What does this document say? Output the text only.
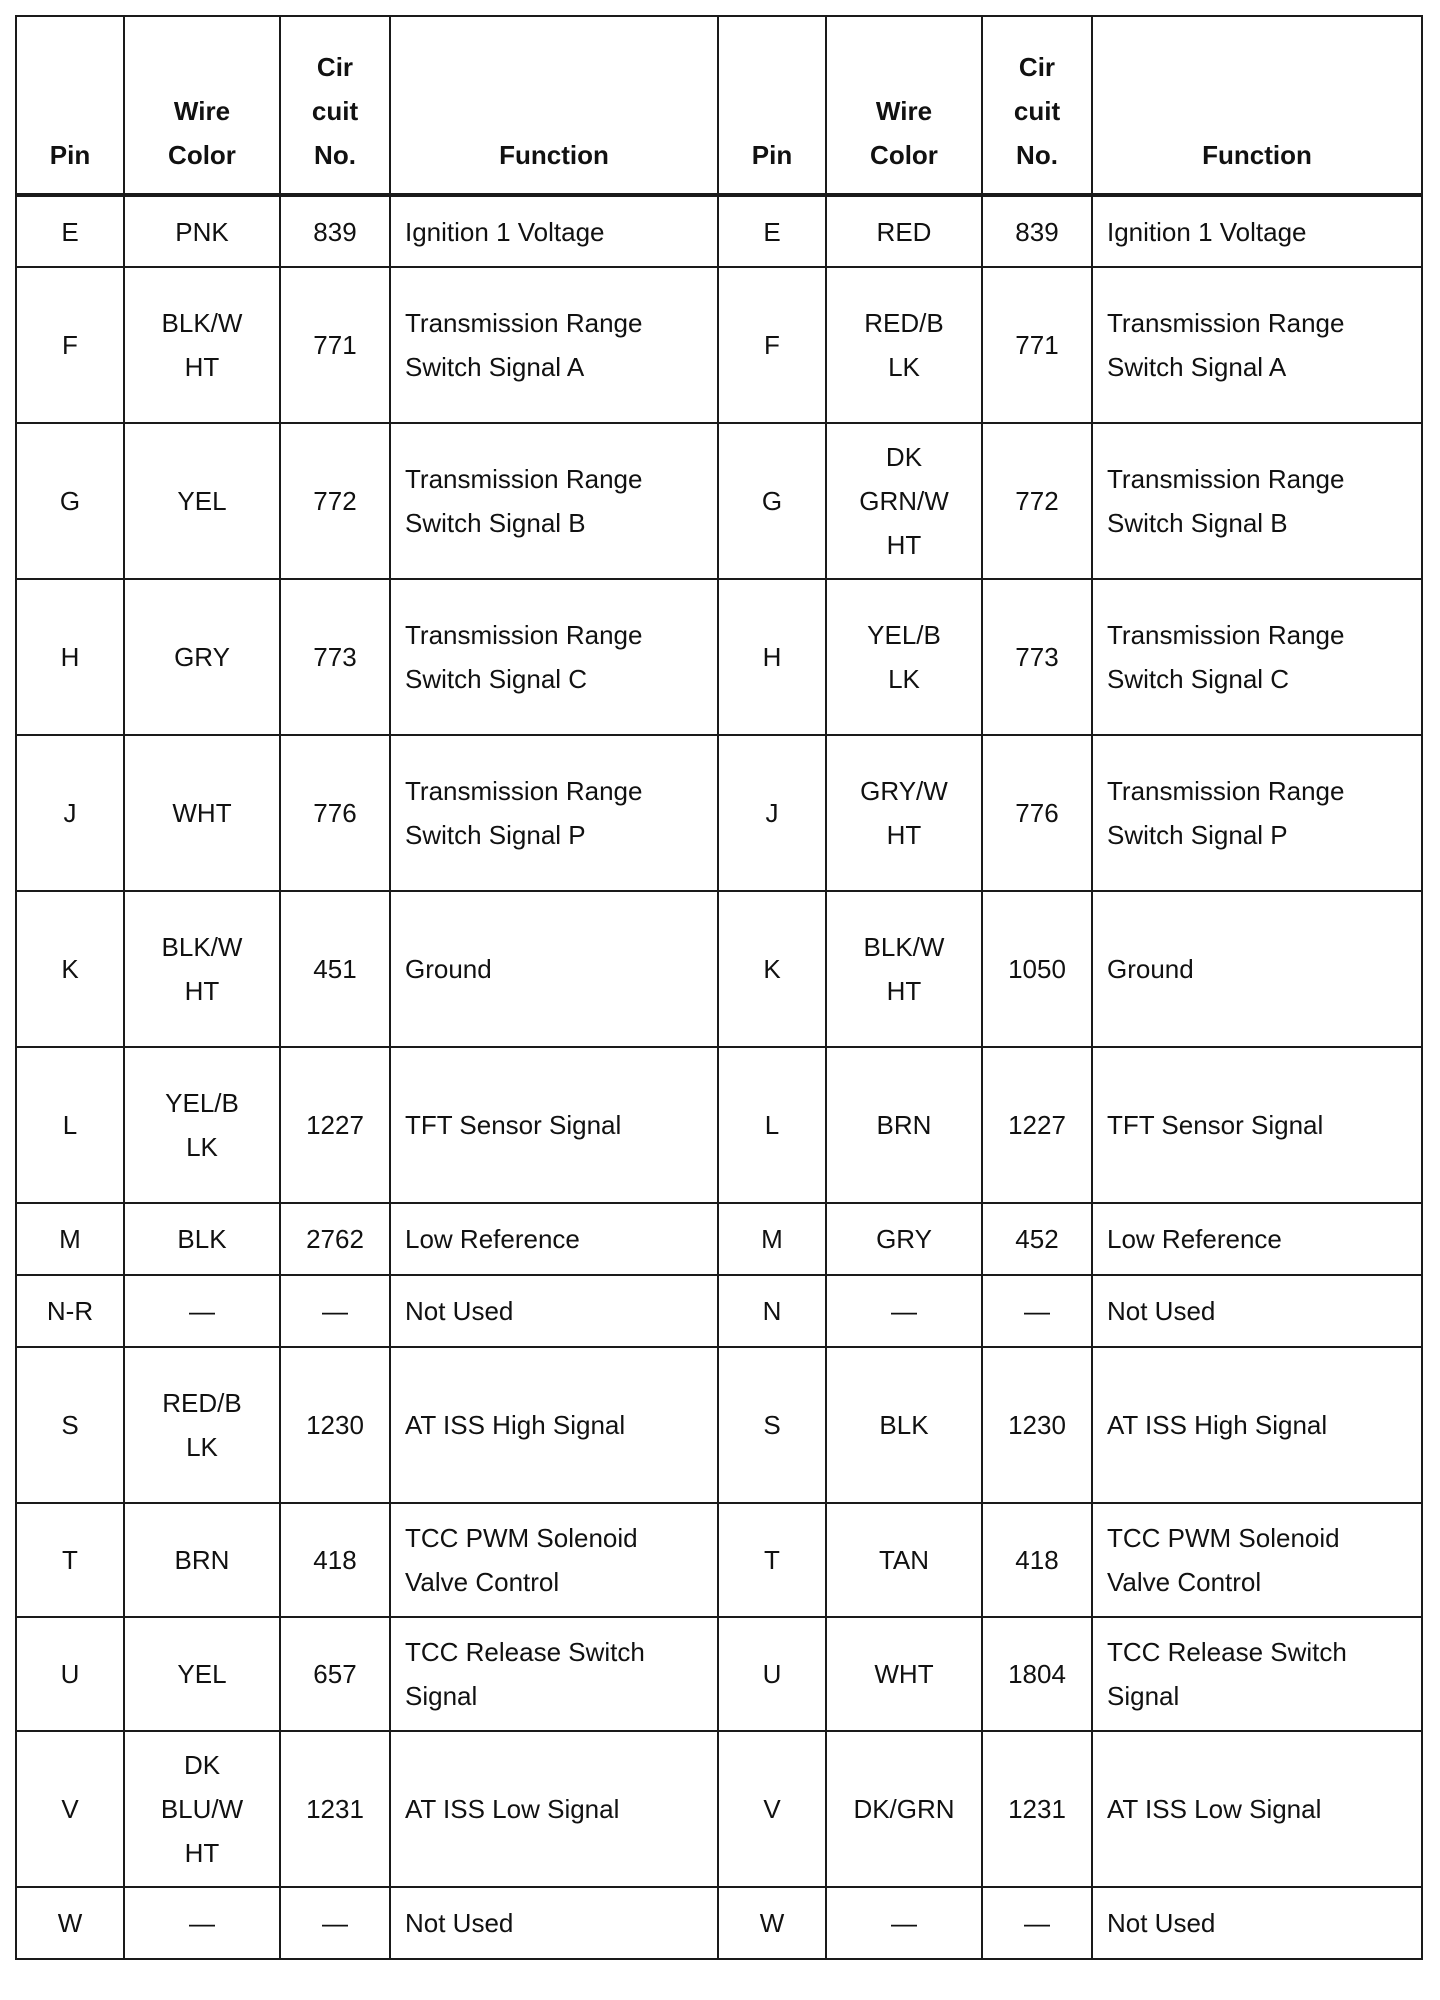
Pin	Wire
Color	Cir
cuit
No.	Function	Pin	Wire
Color	Cir
cuit
No.	Function
E	PNK	839	Ignition 1 Voltage	E	RED	839	Ignition 1 Voltage
F	BLK/W
HT	771	Transmission Range
Switch Signal A	F	RED/B
LK	771	Transmission Range
Switch Signal A
G	YEL	772	Transmission Range
Switch Signal B	G	DK
GRN/W
HT	772	Transmission Range
Switch Signal B
H	GRY	773	Transmission Range
Switch Signal C	H	YEL/B
LK	773	Transmission Range
Switch Signal C
J	WHT	776	Transmission Range
Switch Signal P	J	GRY/W
HT	776	Transmission Range
Switch Signal P
K	BLK/W
HT	451	Ground	K	BLK/W
HT	1050	Ground
L	YEL/B
LK	1227	TFT Sensor Signal	L	BRN	1227	TFT Sensor Signal
M	BLK	2762	Low Reference	M	GRY	452	Low Reference
N-R	—	—	Not Used	N	—	—	Not Used
S	RED/B
LK	1230	AT ISS High Signal	S	BLK	1230	AT ISS High Signal
T	BRN	418	TCC PWM Solenoid
Valve Control	T	TAN	418	TCC PWM Solenoid
Valve Control
U	YEL	657	TCC Release Switch
Signal	U	WHT	1804	TCC Release Switch
Signal
V	DK
BLU/W
HT	1231	AT ISS Low Signal	V	DK/GRN	1231	AT ISS Low Signal
W	—	—	Not Used	W	—	—	Not Used
